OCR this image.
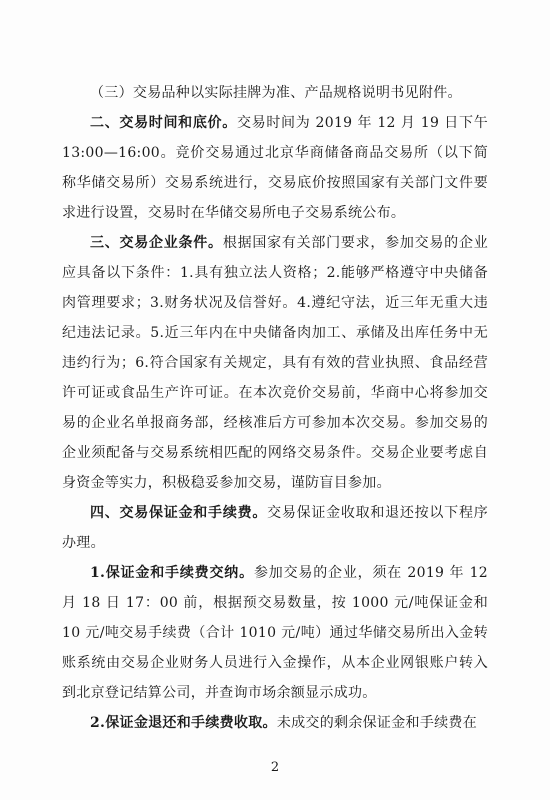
（三）交易品种以实际挂牌为准、产品规格说明书见附件。

二、交易时间和底价。交易时间为 2019 年 12 月 19 日下午 13:00—16:00。竞价交易通过北京华商储备商品交易所（以下简称华储交易所）交易系统进行，交易底价按照国家有关部门文件要求进行设置，交易时在华储交易所电子交易系统公布。

三、交易企业条件。根据国家有关部门要求，参加交易的企业应具备以下条件：1.具有独立法人资格；2.能够严格遵守中央储备肉管理要求；3.财务状况及信誉好。4.遵纪守法，近三年无重大违纪违法记录。5.近三年内在中央储备肉加工、承储及出库任务中无违约行为；6.符合国家有关规定，具有有效的营业执照、食品经营许可证或食品生产许可证。在本次竞价交易前，华商中心将参加交易的企业名单报商务部，经核准后方可参加本次交易。参加交易的企业须配备与交易系统相匹配的网络交易条件。交易企业要考虑自身资金等实力，积极稳妥参加交易，谨防盲目参加。

四、交易保证金和手续费。交易保证金收取和退还按以下程序办理。

1.保证金和手续费交纳。参加交易的企业，须在 2019 年 12 月 18 日 17：00 前，根据预交易数量，按 1000 元/吨保证金和 10 元/吨交易手续费（合计 1010 元/吨）通过华储交易所出入金转账系统由交易企业财务人员进行入金操作，从本企业网银账户转入到北京登记结算公司，并查询市场余额显示成功。

2.保证金退还和手续费收取。未成交的剩余保证金和手续费在

2
